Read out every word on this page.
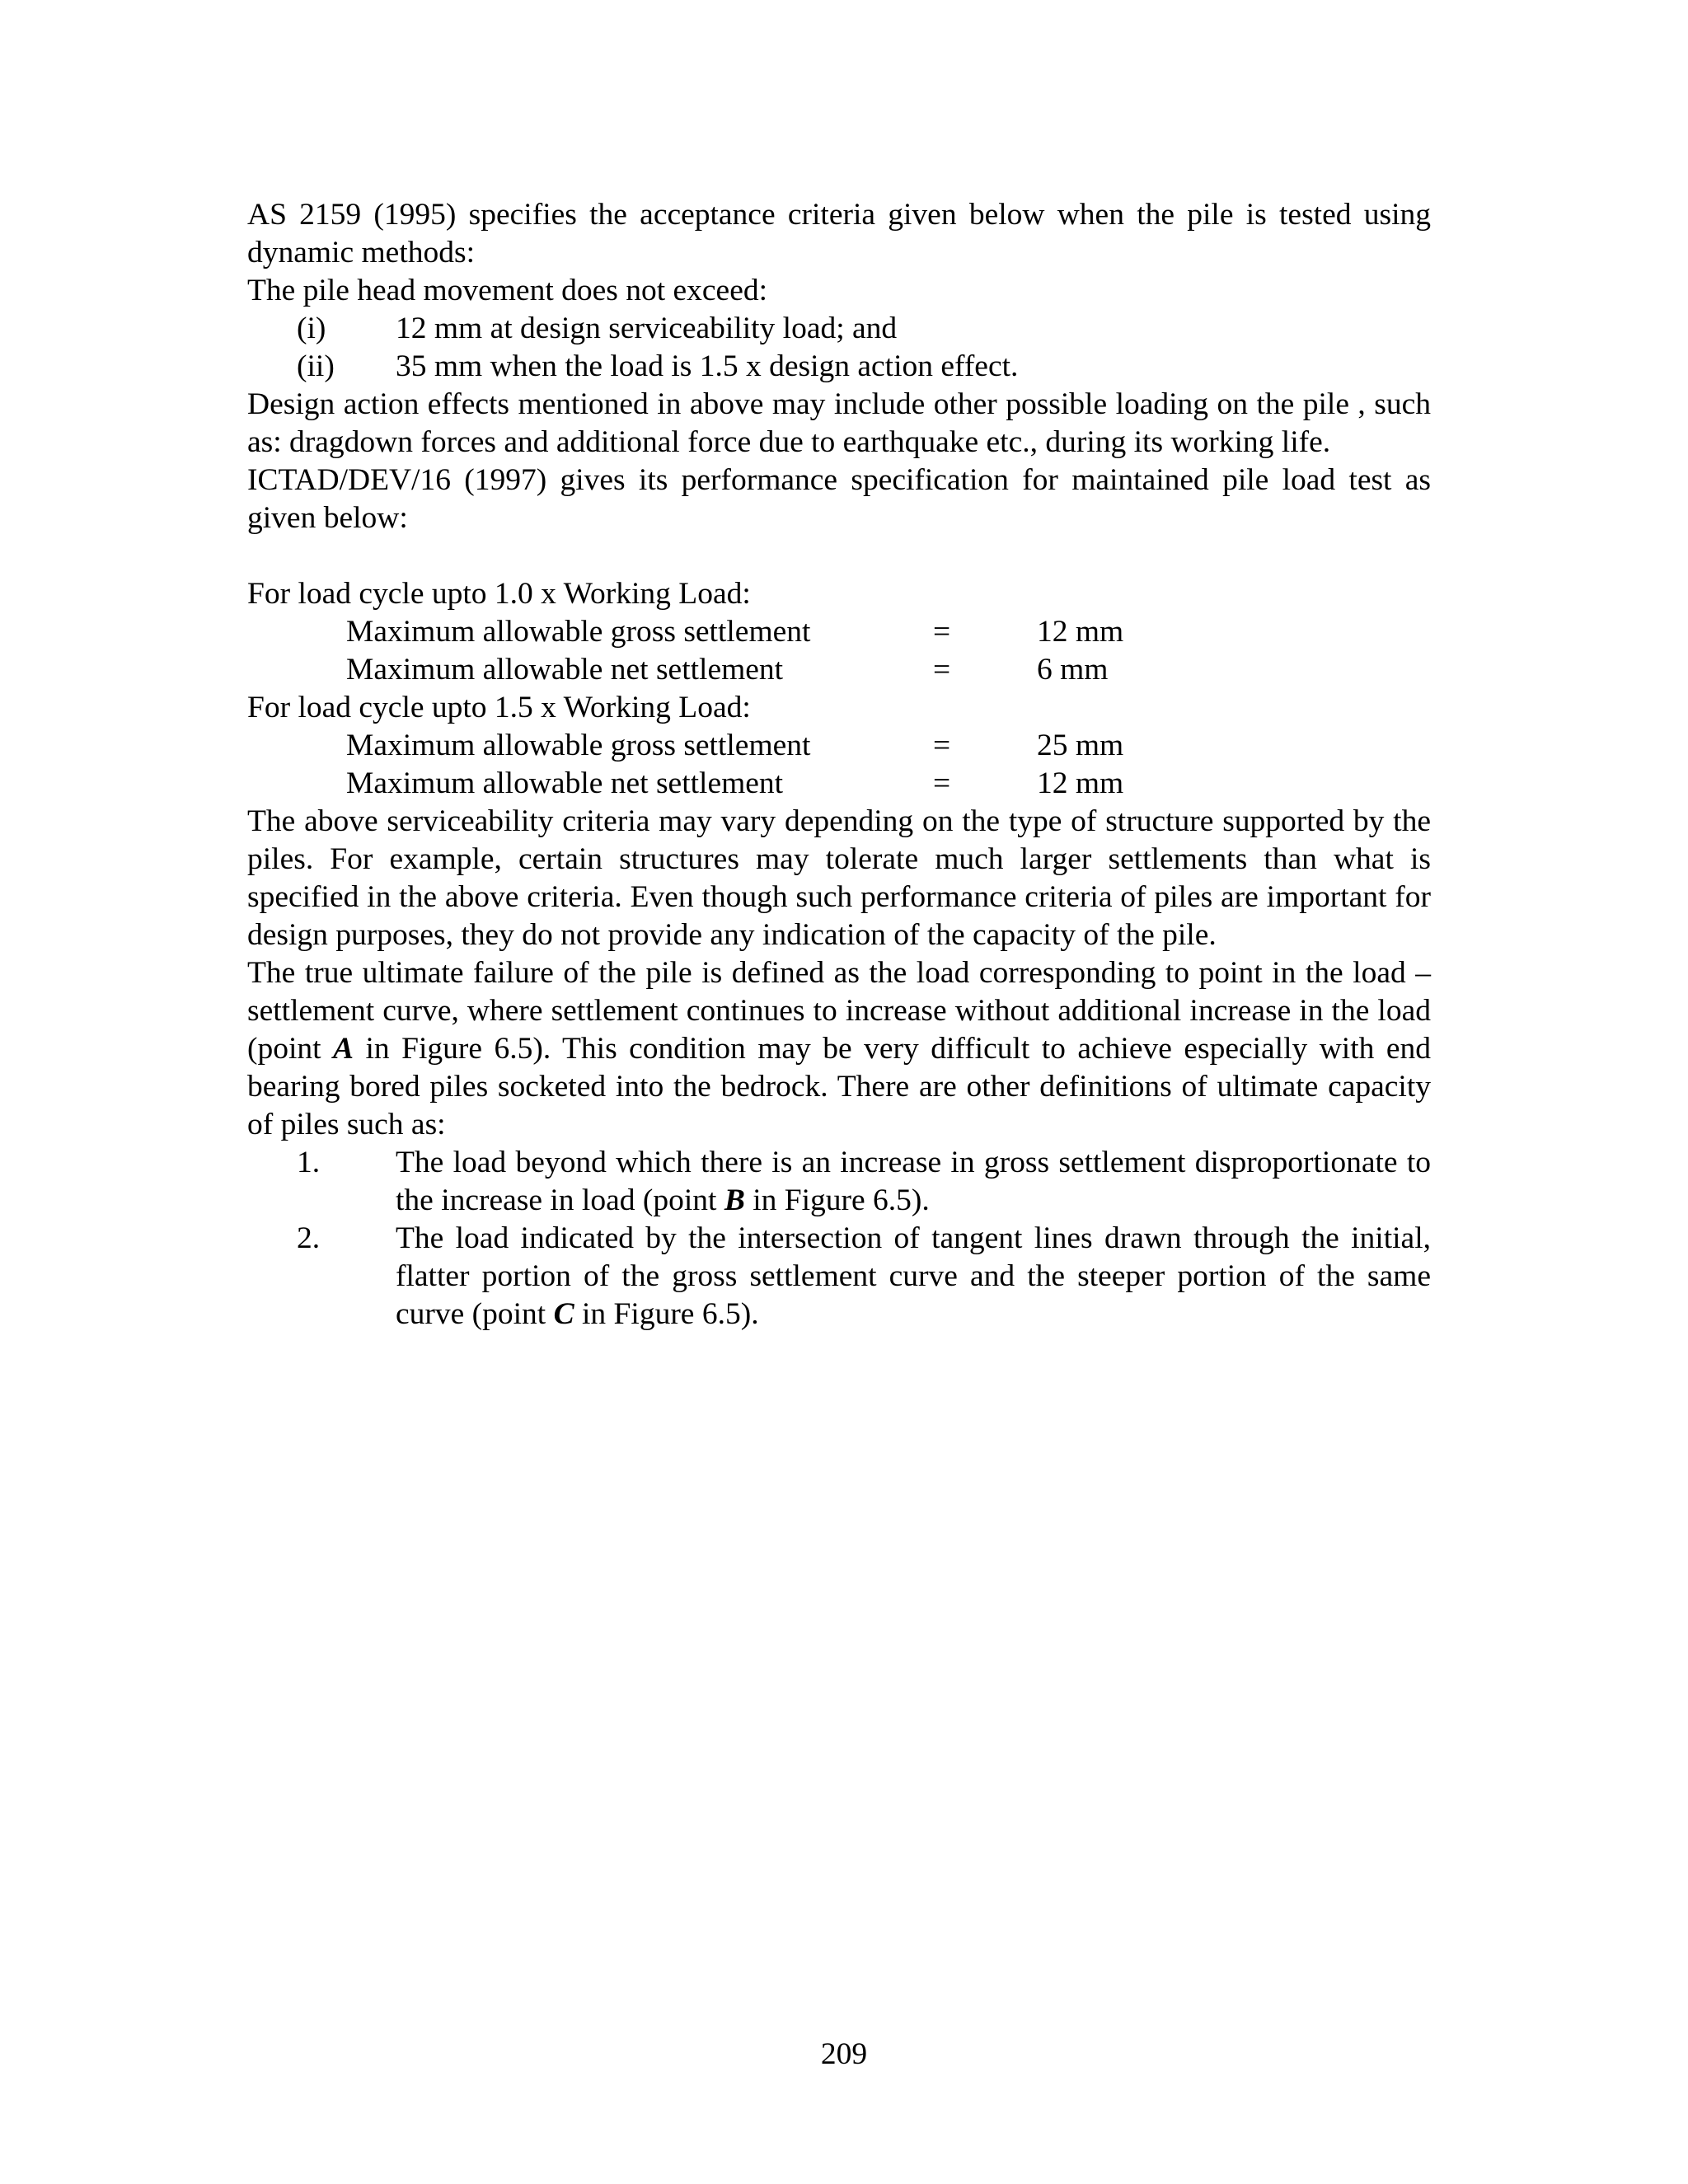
AS 2159 (1995) specifies the acceptance criteria given below when the pile is tested using dynamic methods:

The pile head movement does not exceed:

(i) 12 mm at design serviceability load; and
(ii) 35 mm when the load is 1.5 x design action effect.

Design action effects mentioned in above may include other possible loading on the pile , such as: dragdown forces and additional force due to earthquake etc., during its working life.

ICTAD/DEV/16 (1997) gives its performance specification for maintained pile load test as given below:

For load cycle upto 1.0 x Working Load:

Maximum allowable gross settlement	=	12 mm
Maximum allowable net settlement	=	6 mm

For load cycle upto 1.5 x Working Load:

Maximum allowable gross settlement	=	25 mm
Maximum allowable net settlement	=	12 mm

The above serviceability criteria may vary depending on the type of structure supported by the piles. For example, certain structures may tolerate much larger settlements than what is specified in the above criteria. Even though such performance criteria of piles are important for design purposes, they do not provide any indication of the capacity of the pile.

The true ultimate failure of the pile is defined as the load corresponding to point in the load – settlement curve, where settlement continues to increase without additional increase in the load (point A in Figure 6.5). This condition may be very difficult to achieve especially with end bearing bored piles socketed into the bedrock. There are other definitions of ultimate capacity of piles such as:

1.	The load beyond which there is an increase in gross settlement disproportionate to the increase in load (point B in Figure 6.5).
2.	The load indicated by the intersection of tangent lines drawn through the initial, flatter portion of the gross settlement curve and the steeper portion of the same curve (point C in Figure 6.5).
209
